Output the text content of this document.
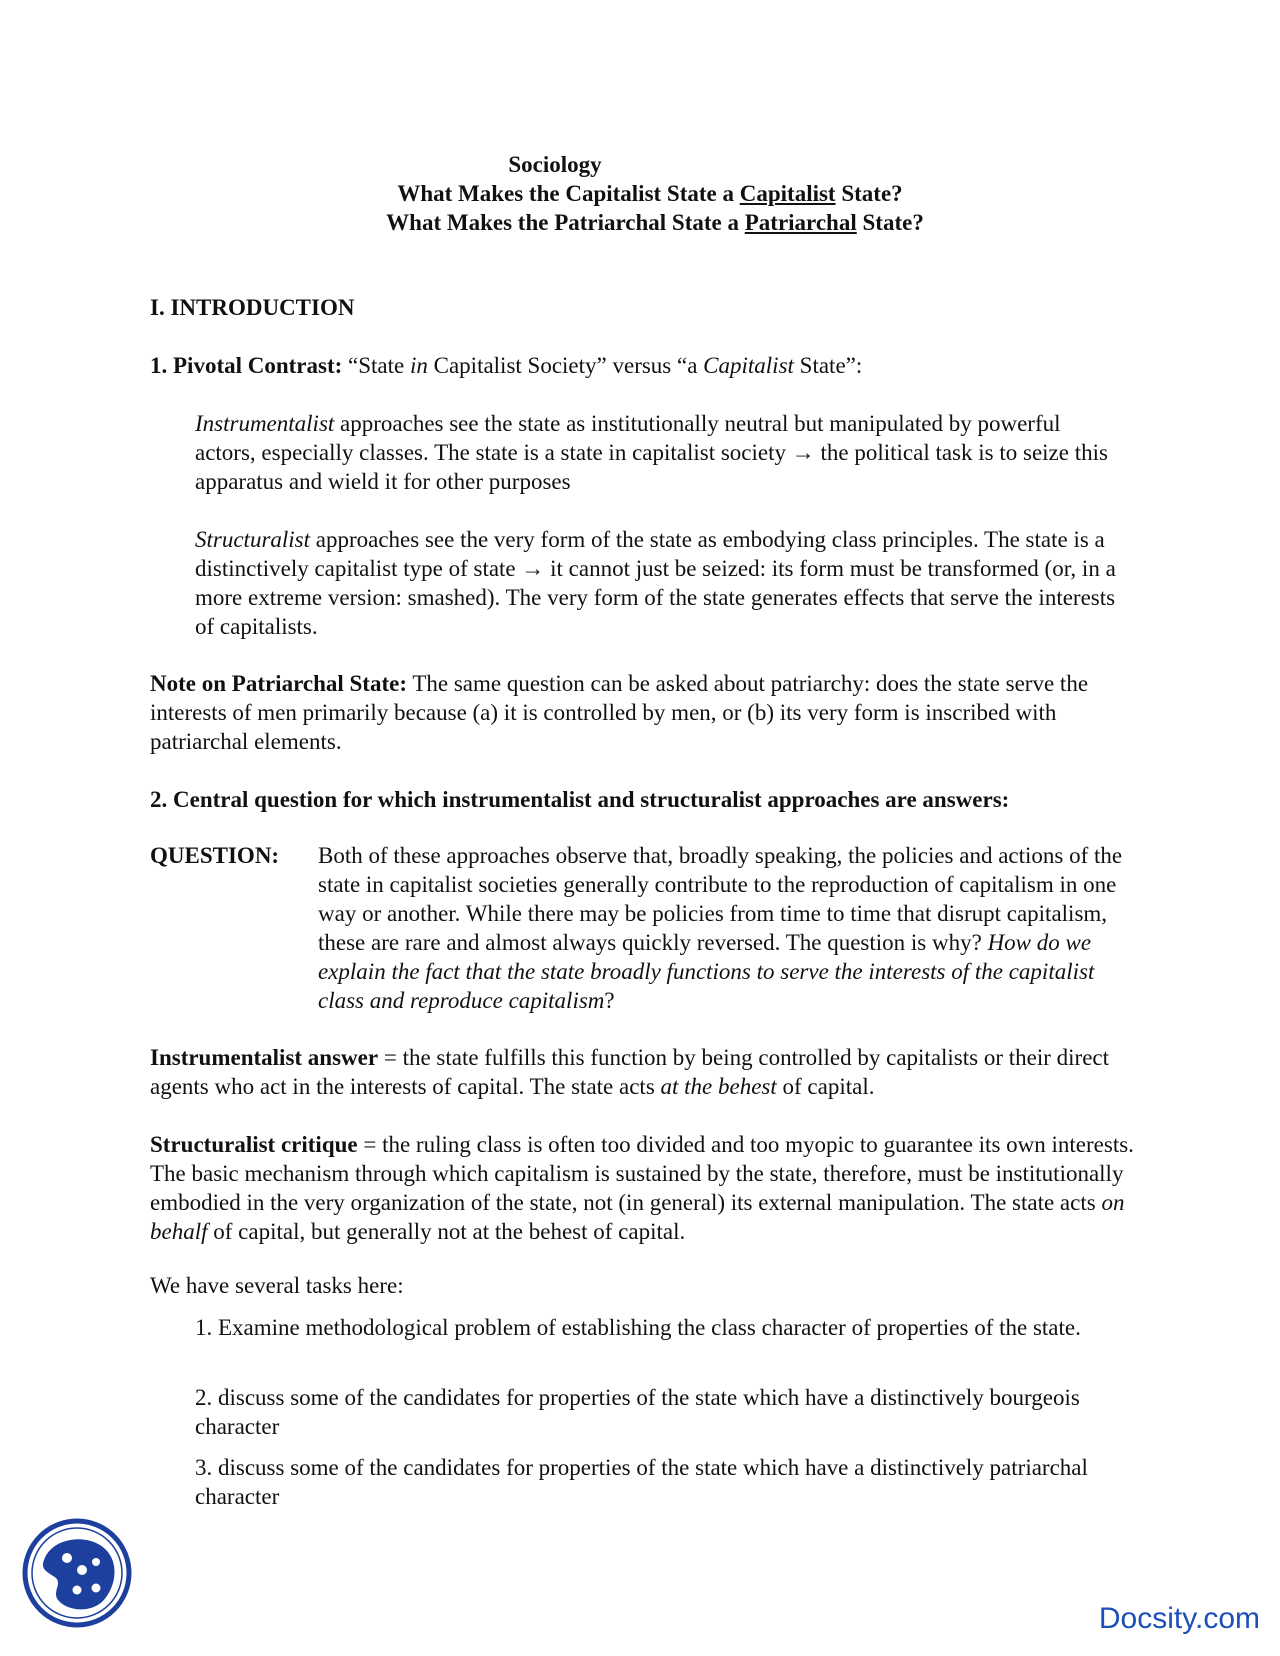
Sociology
What Makes the Capitalist State a Capitalist State?
What Makes the Patriarchal State a Patriarchal State?
I. INTRODUCTION
1. Pivotal Contrast: “State in Capitalist Society” versus “a Capitalist State”:
Instrumentalist approaches see the state as institutionally neutral but manipulated by powerful actors, especially classes. The state is a state in capitalist society → the political task is to seize this apparatus and wield it for other purposes
Structuralist approaches see the very form of the state as embodying class principles. The state is a distinctively capitalist type of state → it cannot just be seized: its form must be transformed (or, in a more extreme version: smashed). The very form of the state generates effects that serve the interests of capitalists.
Note on Patriarchal State: The same question can be asked about patriarchy: does the state serve the interests of men primarily because (a) it is controlled by men, or (b) its very form is inscribed with patriarchal elements.
2. Central question for which instrumentalist and structuralist approaches are answers:
QUESTION: Both of these approaches observe that, broadly speaking, the policies and actions of the state in capitalist societies generally contribute to the reproduction of capitalism in one way or another. While there may be policies from time to time that disrupt capitalism, these are rare and almost always quickly reversed. The question is why? How do we explain the fact that the state broadly functions to serve the interests of the capitalist class and reproduce capitalism?
Instrumentalist answer = the state fulfills this function by being controlled by capitalists or their direct agents who act in the interests of capital. The state acts at the behest of capital.
Structuralist critique = the ruling class is often too divided and too myopic to guarantee its own interests. The basic mechanism through which capitalism is sustained by the state, therefore, must be institutionally embodied in the very organization of the state, not (in general) its external manipulation. The state acts on behalf of capital, but generally not at the behest of capital.
We have several tasks here:
1. Examine methodological problem of establishing the class character of properties of the state.
2. discuss some of the candidates for properties of the state which have a distinctively bourgeois character
3. discuss some of the candidates for properties of the state which have a distinctively patriarchal character
Docsity.com
